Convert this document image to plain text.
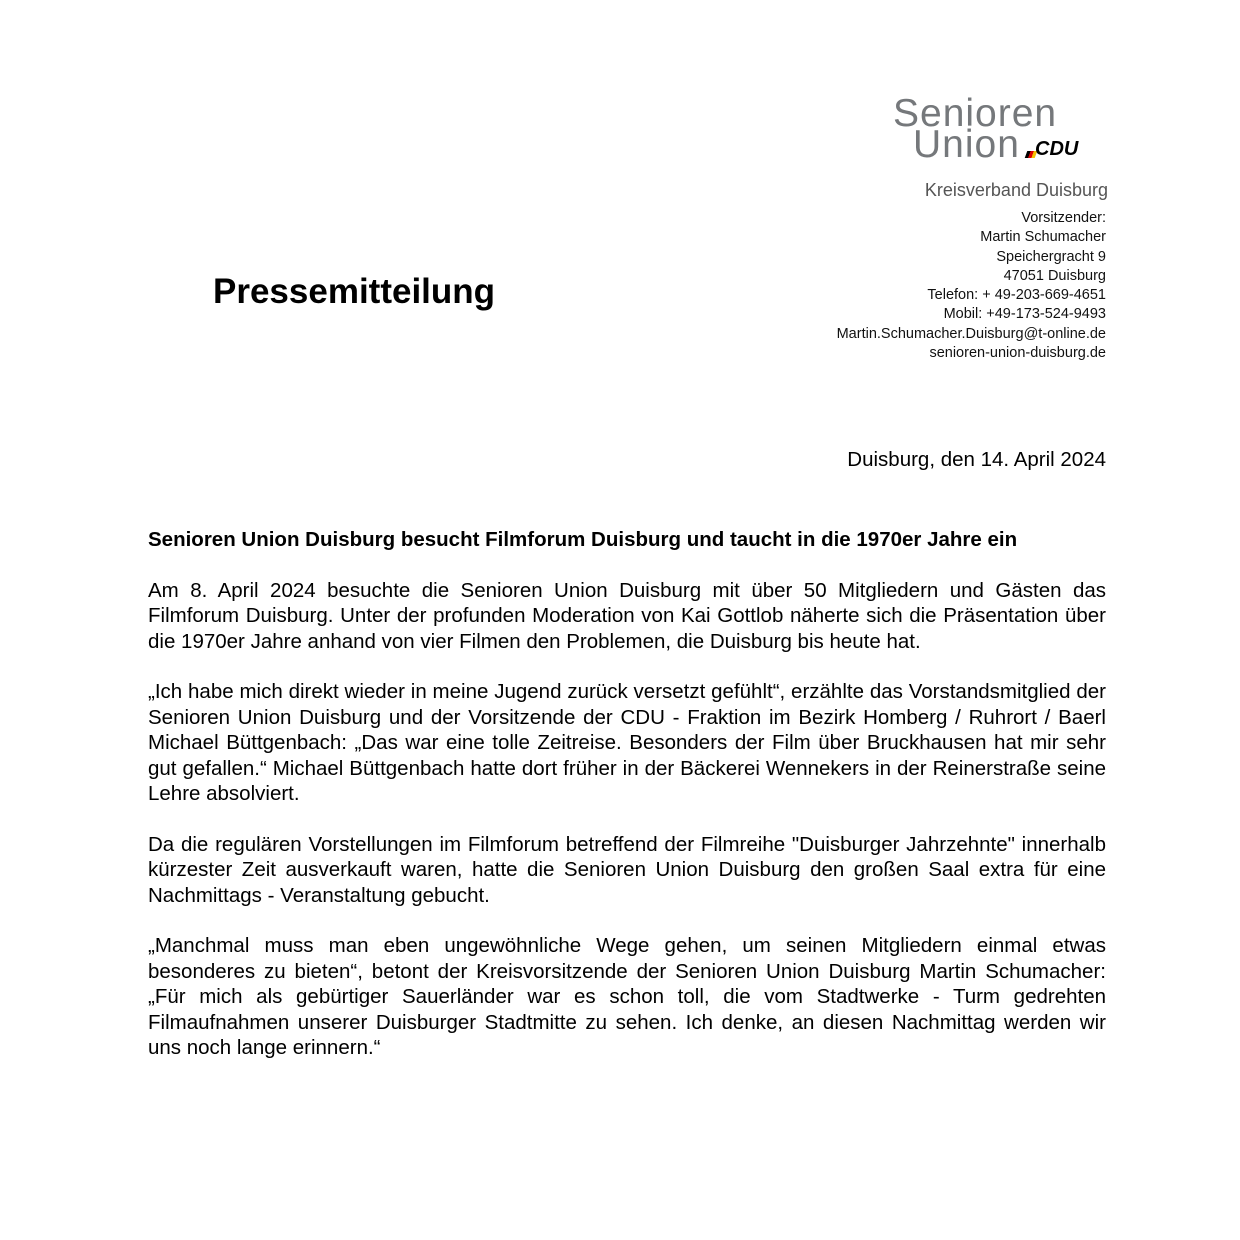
Senioren
Union CDU
Kreisverband Duisburg
Vorsitzender:
Martin Schumacher
Speichergracht 9
47051 Duisburg
Telefon: + 49-203-669-4651
Mobil: +49-173-524-9493
Martin.Schumacher.Duisburg@t-online.de
senioren-union-duisburg.de
Pressemitteilung
Duisburg, den 14. April 2024

Senioren Union Duisburg besucht Filmforum Duisburg und taucht in die 1970er Jahre ein

Am 8. April 2024 besuchte die Senioren Union Duisburg mit über 50 Mitgliedern und Gästen das Filmforum Duisburg. Unter der profunden Moderation von Kai Gottlob näherte sich die Präsentation über die 1970er Jahre anhand von vier Filmen den Problemen, die Duisburg bis heute hat.

„Ich habe mich direkt wieder in meine Jugend zurück versetzt gefühlt“, erzählte das Vorstandsmitglied der Senioren Union Duisburg und der Vorsitzende der CDU - Fraktion im Bezirk Homberg / Ruhrort / Baerl Michael Büttgenbach: „Das war eine tolle Zeitreise. Besonders der Film über Bruckhausen hat mir sehr gut gefallen.“ Michael Büttgenbach hatte dort früher in der Bäckerei Wennekers in der Reinerstraße seine Lehre absolviert.

Da die regulären Vorstellungen im Filmforum betreffend der Filmreihe "Duisburger Jahrzehnte" innerhalb kürzester Zeit ausverkauft waren, hatte die Senioren Union Duisburg den großen Saal extra für eine Nachmittags - Veranstaltung gebucht.

„Manchmal muss man eben ungewöhnliche Wege gehen, um seinen Mitgliedern einmal etwas besonderes zu bieten“, betont der Kreisvorsitzende der Senioren Union Duisburg Martin Schumacher: „Für mich als gebürtiger Sauerländer war es schon toll, die vom Stadtwerke - Turm gedrehten Filmaufnahmen unserer Duisburger Stadtmitte zu sehen. Ich denke, an diesen Nachmittag werden wir uns noch lange erinnern.“
